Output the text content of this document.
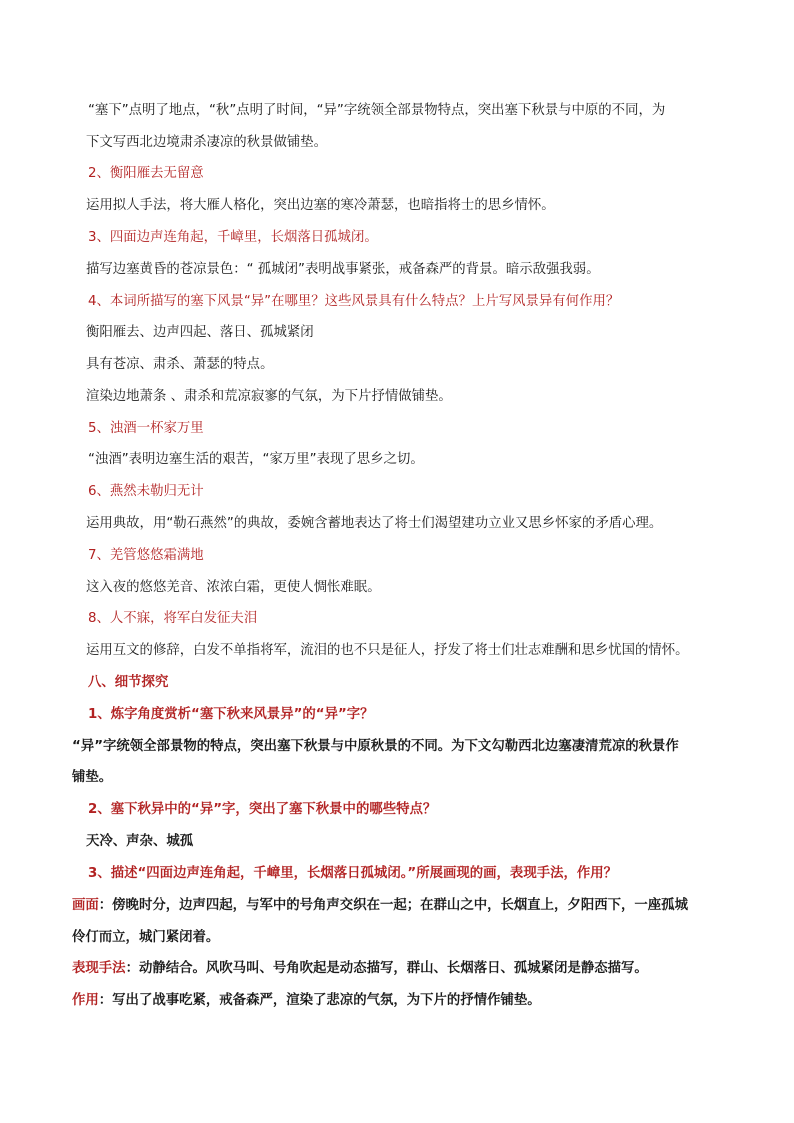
“塞下”点明了地点，“秋”点明了时间，“异”字统领全部景物特点，突出塞下秋景与中原的不同，为
下文写西北边境肃杀凄凉的秋景做铺垫。
2、衡阳雁去无留意
运用拟人手法，将大雁人格化，突出边塞的寒冷萧瑟，也暗指将士的思乡情怀。
3、四面边声连角起，千嶂里，长烟落日孤城闭。
描写边塞黄昏的苍凉景色：“ 孤城闭”表明战事紧张，戒备森严的背景。暗示敌强我弱。
4、本词所描写的塞下风景“异”在哪里？这些风景具有什么特点？上片写风景异有何作用？
衡阳雁去、边声四起、落日、孤城紧闭
具有苍凉、肃杀、萧瑟的特点。
渲染边地萧条 、肃杀和荒凉寂寥的气氛，为下片抒情做铺垫。
5、浊酒一杯家万里
“浊酒”表明边塞生活的艰苦，“家万里”表现了思乡之切。
6、燕然未勒归无计
运用典故，用“勒石燕然”的典故，委婉含蓄地表达了将士们渴望建功立业又思乡怀家的矛盾心理。
7、羌管悠悠霜满地
这入夜的悠悠羌音、浓浓白霜，更使人惆怅难眠。
8、人不寐，将军白发征夫泪
运用互文的修辞，白发不单指将军，流泪的也不只是征人，抒发了将士们壮志难酬和思乡忧国的情怀。
八、细节探究
1、炼字角度赏析“塞下秋来风景异”的“异”字？
“异”字统领全部景物的特点，突出塞下秋景与中原秋景的不同。为下文勾勒西北边塞凄清荒凉的秋景作
铺垫。
2、塞下秋异中的“异”字，突出了塞下秋景中的哪些特点？
天冷、声杂、城孤
3、描述“四面边声连角起，千嶂里，长烟落日孤城闭。”所展画现的画，表现手法，作用？
画面：傍晚时分，边声四起，与军中的号角声交织在一起；在群山之中，长烟直上，夕阳西下，一座孤城
伶仃而立，城门紧闭着。
表现手法：动静结合。风吹马叫、号角吹起是动态描写，群山、长烟落日、孤城紧闭是静态描写。
作用：写出了战事吃紧，戒备森严，渲染了悲凉的气氛，为下片的抒情作铺垫。
